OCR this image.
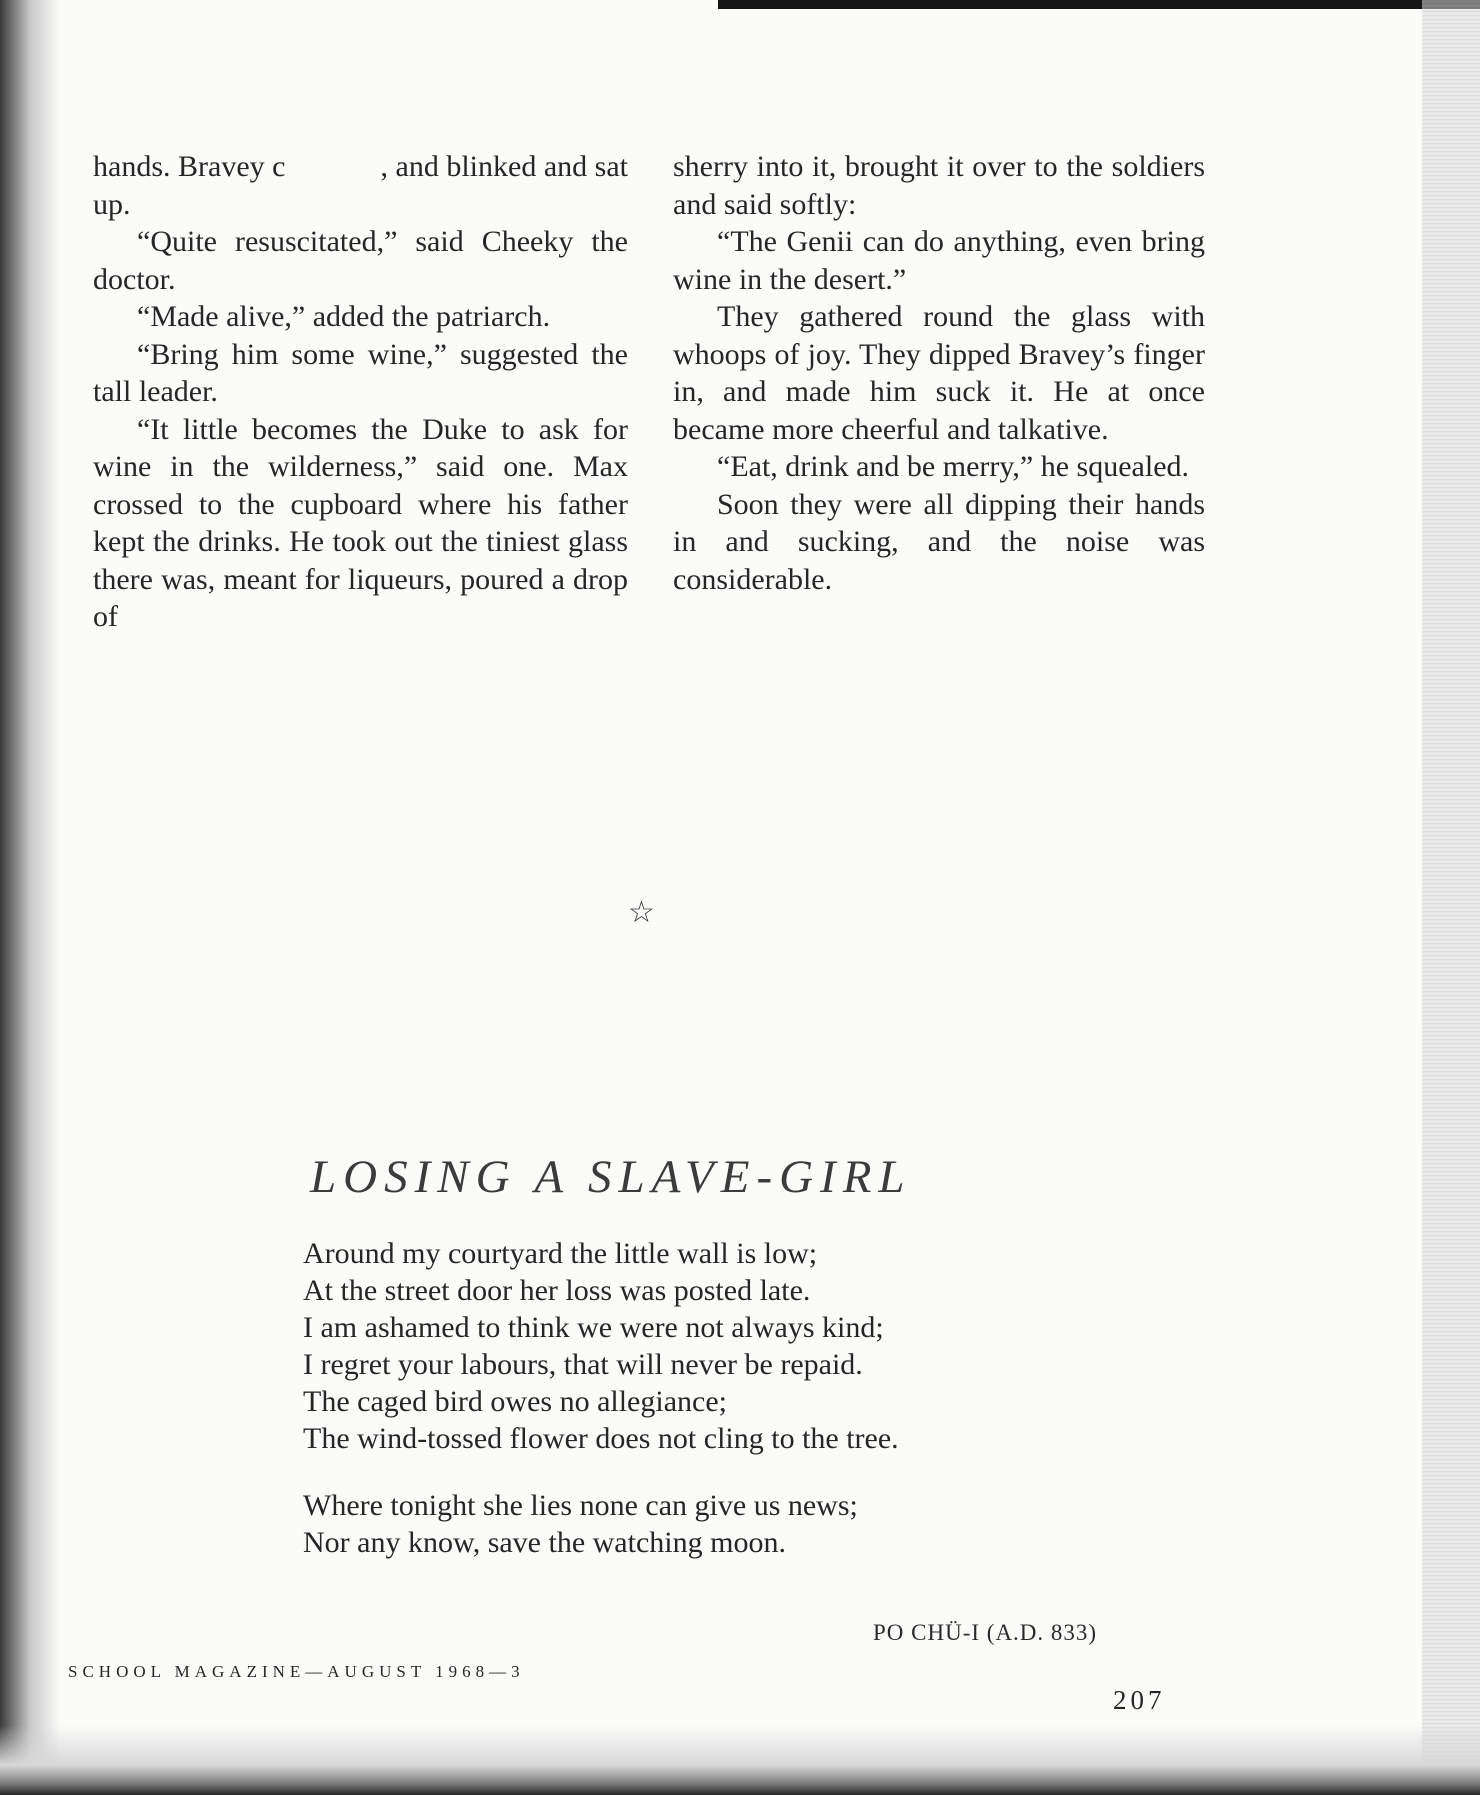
hands. Bravey c	, and blinked and sat up.

“Quite resuscitated,” said Cheeky the doctor.

“Made alive,” added the patriarch.

“Bring him some wine,” suggested the tall leader.

“It little becomes the Duke to ask for wine in the wilderness,” said one. Max crossed to the cupboard where his father kept the drinks. He took out the tiniest glass there was, meant for liqueurs, poured a drop of

sherry into it, brought it over to the soldiers and said softly:

“The Genii can do anything, even bring wine in the desert.”

They gathered round the glass with whoops of joy. They dipped Bravey’s finger in, and made him suck it. He at once became more cheerful and talkative.

“Eat, drink and be merry,” he squealed.

Soon they were all dipping their hands in and sucking, and the noise was considerable.

☆
LOSING A SLAVE-GIRL
Around my courtyard the little wall is low;
At the street door her loss was posted late.
I am ashamed to think we were not always kind;
I regret your labours, that will never be repaid.
The caged bird owes no allegiance;
The wind-tossed flower does not cling to the tree.
Where tonight she lies none can give us news;
Nor any know, save the watching moon.
PO CHÜ-I (A.D. 833)
SCHOOL MAGAZINE—AUGUST 1968—3
207
